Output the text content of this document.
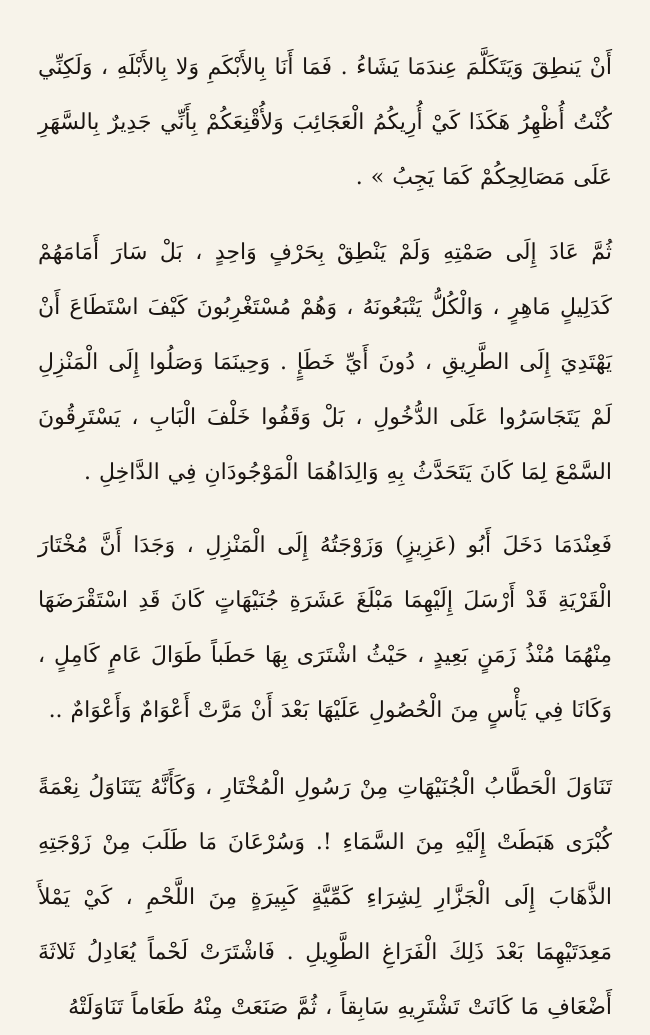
أَنْ يَنطِقَ وَيَتَكَلَّمَ عِندَمَا يَشَاءُ . فَمَا أَنَا بِالأَبْكَمِ وَلا بِالأَبْلَهِ ، وَلَكِنِّي كُنْتُ أُظْهِرُ هَكَذَا كَيْ أُرِيكُمُ الْعَجَائِبَ وَلأُقْنِعَكُمْ بِأَنِّي جَدِيرٌ بِالسَّهَرِ عَلَى مَصَالِحِكُمْ كَمَا يَجِبُ » .

ثُمَّ عَادَ إِلَى صَمْتِهِ وَلَمْ يَنْطِقْ بِحَرْفٍ وَاحِدٍ ، بَلْ سَارَ أَمَامَهُمْ كَدَلِيلٍ مَاهِرٍ ، وَالْكُلُّ يَتْبَعُونَهُ ، وَهُمْ مُسْتَغْرِبُونَ كَيْفَ اسْتَطَاعَ أَنْ يَهْتَدِيَ إِلَى الطَّرِيقِ ، دُونَ أَيِّ خَطَإٍ . وَحِينَمَا وَصَلُوا إِلَى الْمَنْزِلِ لَمْ يَتَجَاسَرُوا عَلَى الدُّخُولِ ، بَلْ وَقَفُوا خَلْفَ الْبَابِ ، يَسْتَرِقُونَ السَّمْعَ لِمَا كَانَ يَتَحَدَّثُ بِهِ وَالِدَاهُمَا الْمَوْجُودَانِ فِي الدَّاخِلِ .

فَعِنْدَمَا دَخَلَ أَبُو (عَزِيزٍ) وَزَوْجَتُهُ إِلَى الْمَنْزِلِ ، وَجَدَا أَنَّ مُخْتَارَ الْقَرْيَةِ قَدْ أَرْسَلَ إِلَيْهِمَا مَبْلَغَ عَشَرَةِ جُنَيْهَاتٍ كَانَ قَدِ اسْتَقْرَضَهَا مِنْهُمَا مُنْذُ زَمَنٍ بَعِيدٍ ، حَيْثُ اشْتَرَى بِهَا حَطَباً طَوَالَ عَامٍ كَامِلٍ ، وَكَانَا فِي يَأْسٍ مِنَ الْحُصُولِ عَلَيْهَا بَعْدَ أَنْ مَرَّتْ أَعْوَامٌ وَأَعْوَامٌ ..

تَنَاوَلَ الْحَطَّابُ الْجُنَيْهَاتِ مِنْ رَسُولِ الْمُخْتَارِ ، وَكَأَنَّهُ يَتَنَاوَلُ نِعْمَةً كُبْرَى هَبَطَتْ إِلَيْهِ مِنَ السَّمَاءِ !. وَسُرْعَانَ مَا طَلَبَ مِنْ زَوْجَتِهِ الذَّهَابَ إِلَى الْجَزَّارِ لِشِرَاءِ كَمِّيَّةٍ كَبِيرَةٍ مِنَ اللَّحْمِ ، كَيْ يَمْلأَ مَعِدَتَيْهِمَا بَعْدَ ذَلِكَ الْفَرَاغِ الطَّوِيلِ . فَاشْتَرَتْ لَحْماً يُعَادِلُ ثَلاثَةَ أَضْعَافِ مَا كَانَتْ تَشْتَرِيهِ سَابِقاً ، ثُمَّ صَنَعَتْ مِنْهُ طَعَاماً تَنَاوَلَتْهُ
